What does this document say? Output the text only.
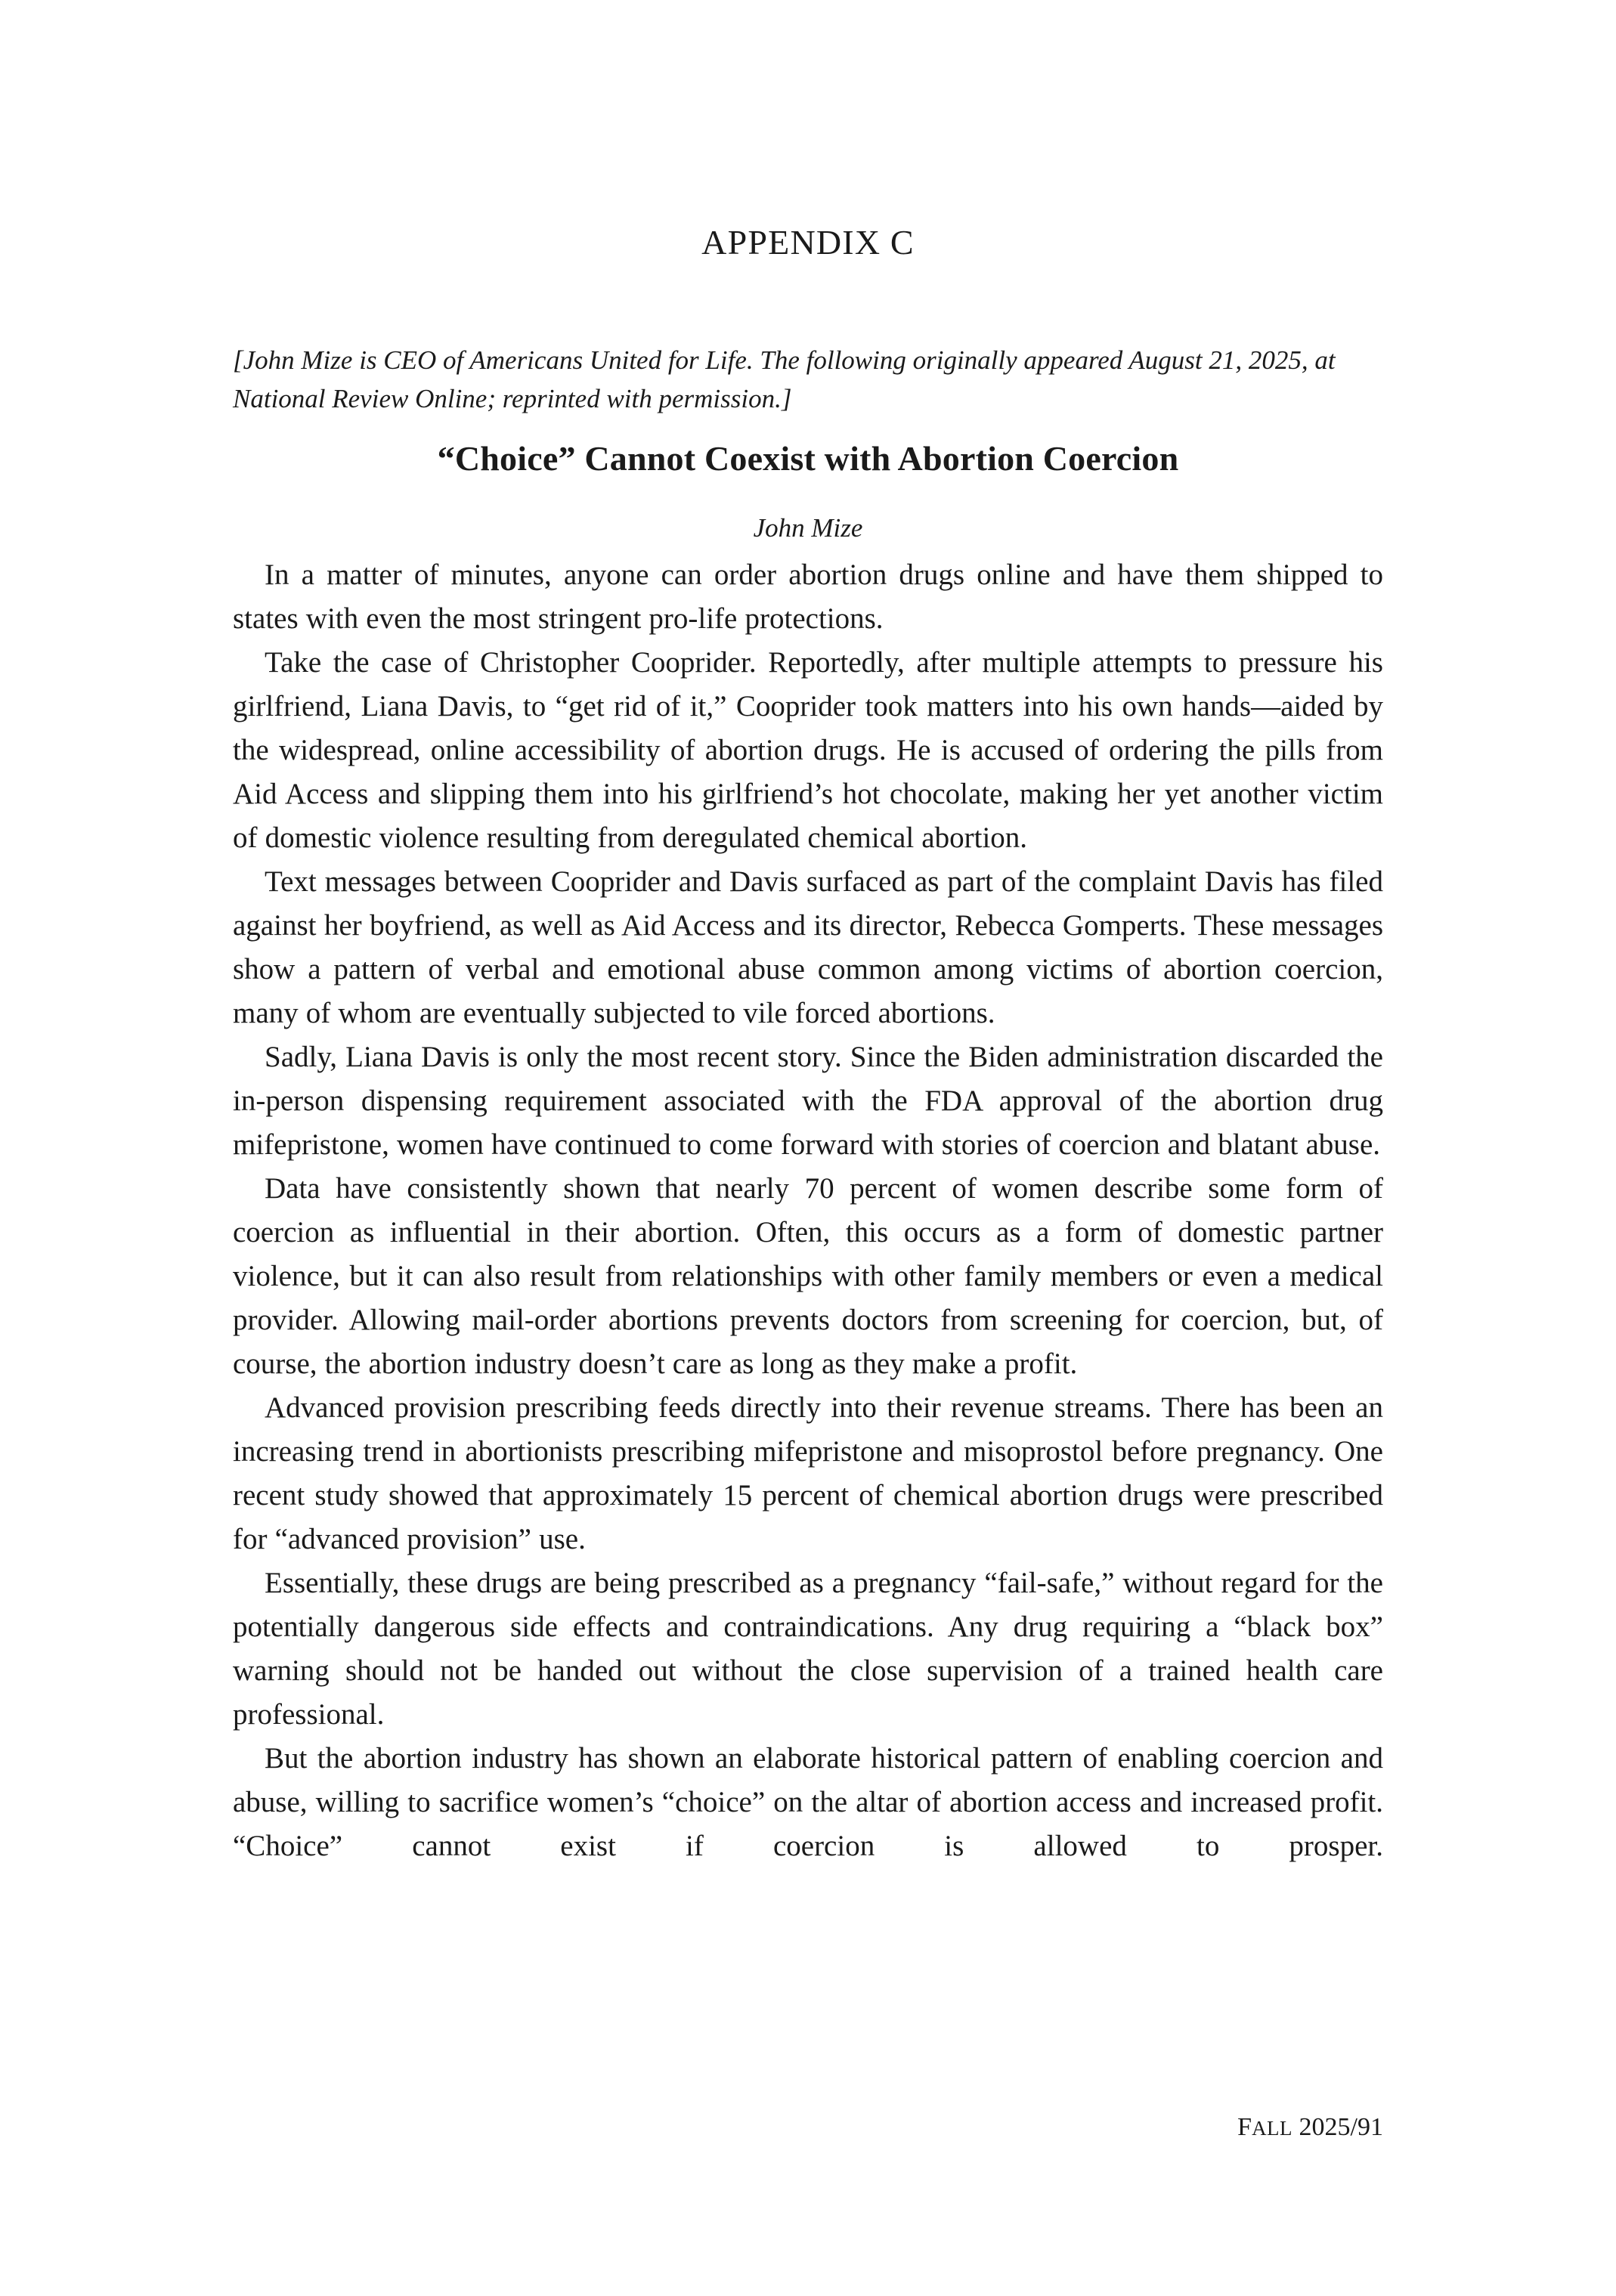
APPENDIX C

[John Mize is CEO of Americans United for Life. The following originally appeared August 21, 2025, at National Review Online; reprinted with permission.]

“Choice” Cannot Coexist with Abortion Coercion

John Mize

In a matter of minutes, anyone can order abortion drugs online and have them shipped to states with even the most stringent pro-life protections.

Take the case of Christopher Cooprider. Reportedly, after multiple attempts to pressure his girlfriend, Liana Davis, to “get rid of it,” Cooprider took matters into his own hands—aided by the widespread, online accessibility of abortion drugs. He is accused of ordering the pills from Aid Access and slipping them into his girlfriend’s hot chocolate, making her yet another victim of domestic violence resulting from deregulated chemical abortion.

Text messages between Cooprider and Davis surfaced as part of the complaint Davis has filed against her boyfriend, as well as Aid Access and its director, Rebecca Gomperts. These messages show a pattern of verbal and emotional abuse common among victims of abortion coercion, many of whom are eventually subjected to vile forced abortions.

Sadly, Liana Davis is only the most recent story. Since the Biden administration discarded the in-person dispensing requirement associated with the FDA approval of the abortion drug mifepristone, women have continued to come forward with stories of coercion and blatant abuse.

Data have consistently shown that nearly 70 percent of women describe some form of coercion as influential in their abortion. Often, this occurs as a form of domestic partner violence, but it can also result from relationships with other family members or even a medical provider. Allowing mail-order abortions prevents doctors from screening for coercion, but, of course, the abortion industry doesn’t care as long as they make a profit.

Advanced provision prescribing feeds directly into their revenue streams. There has been an increasing trend in abortionists prescribing mifepristone and misoprostol before pregnancy. One recent study showed that approximately 15 percent of chemical abortion drugs were prescribed for “advanced provision” use.

Essentially, these drugs are being prescribed as a pregnancy “fail-safe,” without regard for the potentially dangerous side effects and contraindications. Any drug requiring a “black box” warning should not be handed out without the close supervision of a trained health care professional.

But the abortion industry has shown an elaborate historical pattern of enabling coercion and abuse, willing to sacrifice women’s “choice” on the altar of abortion access and increased profit. “Choice” cannot exist if coercion is allowed to prosper.

FALL 2025/91
